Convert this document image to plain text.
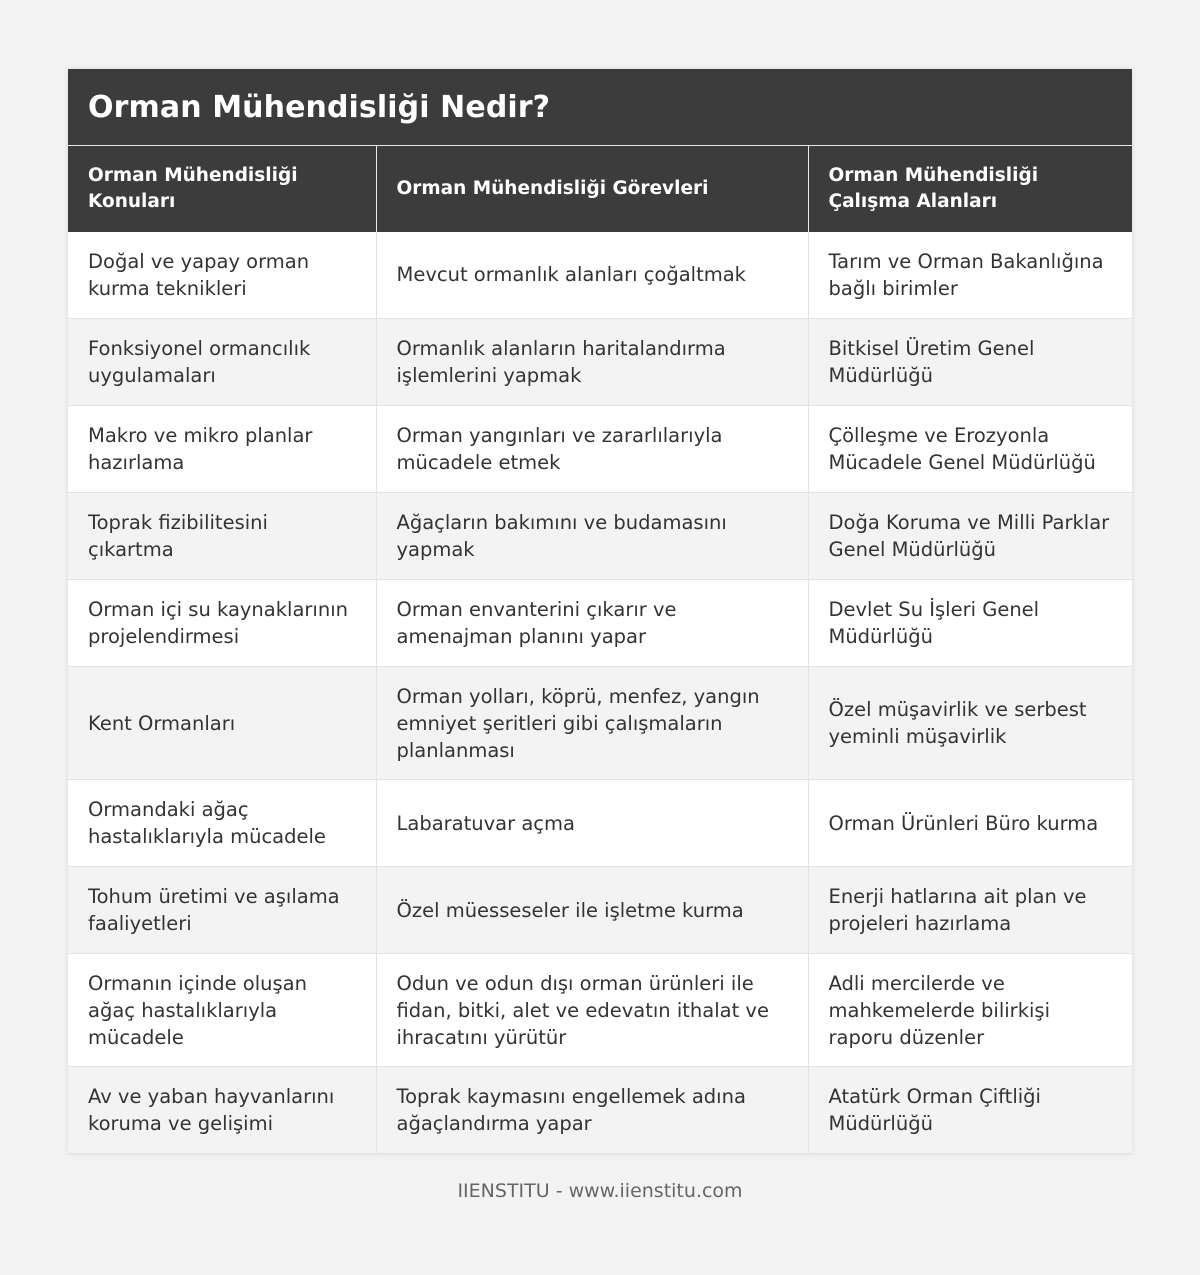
Orman Mühendisliği Nedir?
Orman Mühendisliği Konuları	Orman Mühendisliği Görevleri	Orman Mühendisliği Çalışma Alanları
Doğal ve yapay orman kurma teknikleri	Mevcut ormanlık alanları çoğaltmak	Tarım ve Orman Bakanlığına bağlı birimler
Fonksiyonel ormancılık uygulamaları	Ormanlık alanların haritalandırma işlemlerini yapmak	Bitkisel Üretim Genel Müdürlüğü
Makro ve mikro planlar hazırlama	Orman yangınları ve zararlılarıyla mücadele etmek	Çölleşme ve Erozyonla Mücadele Genel Müdürlüğü
Toprak fizibilitesini çıkartma	Ağaçların bakımını ve budamasını yapmak	Doğa Koruma ve Milli Parklar Genel Müdürlüğü
Orman içi su kaynaklarının projelendirmesi	Orman envanterini çıkarır ve amenajman planını yapar	Devlet Su İşleri Genel Müdürlüğü
Kent Ormanları	Orman yolları, köprü, menfez, yangın emniyet şeritleri gibi çalışmaların planlanması	Özel müşavirlik ve serbest yeminli müşavirlik
Ormandaki ağaç hastalıklarıyla mücadele	Labaratuvar açma	Orman Ürünleri Büro kurma
Tohum üretimi ve aşılama faaliyetleri	Özel müesseseler ile işletme kurma	Enerji hatlarına ait plan ve projeleri hazırlama
Ormanın içinde oluşan ağaç hastalıklarıyla mücadele	Odun ve odun dışı orman ürünleri ile fidan, bitki, alet ve edevatın ithalat ve ihracatını yürütür	Adli mercilerde ve mahkemelerde bilirkişi raporu düzenler
Av ve yaban hayvanlarını koruma ve gelişimi	Toprak kaymasını engellemek adına ağaçlandırma yapar	Atatürk Orman Çiftliği Müdürlüğü
IIENSTITU - www.iienstitu.com
